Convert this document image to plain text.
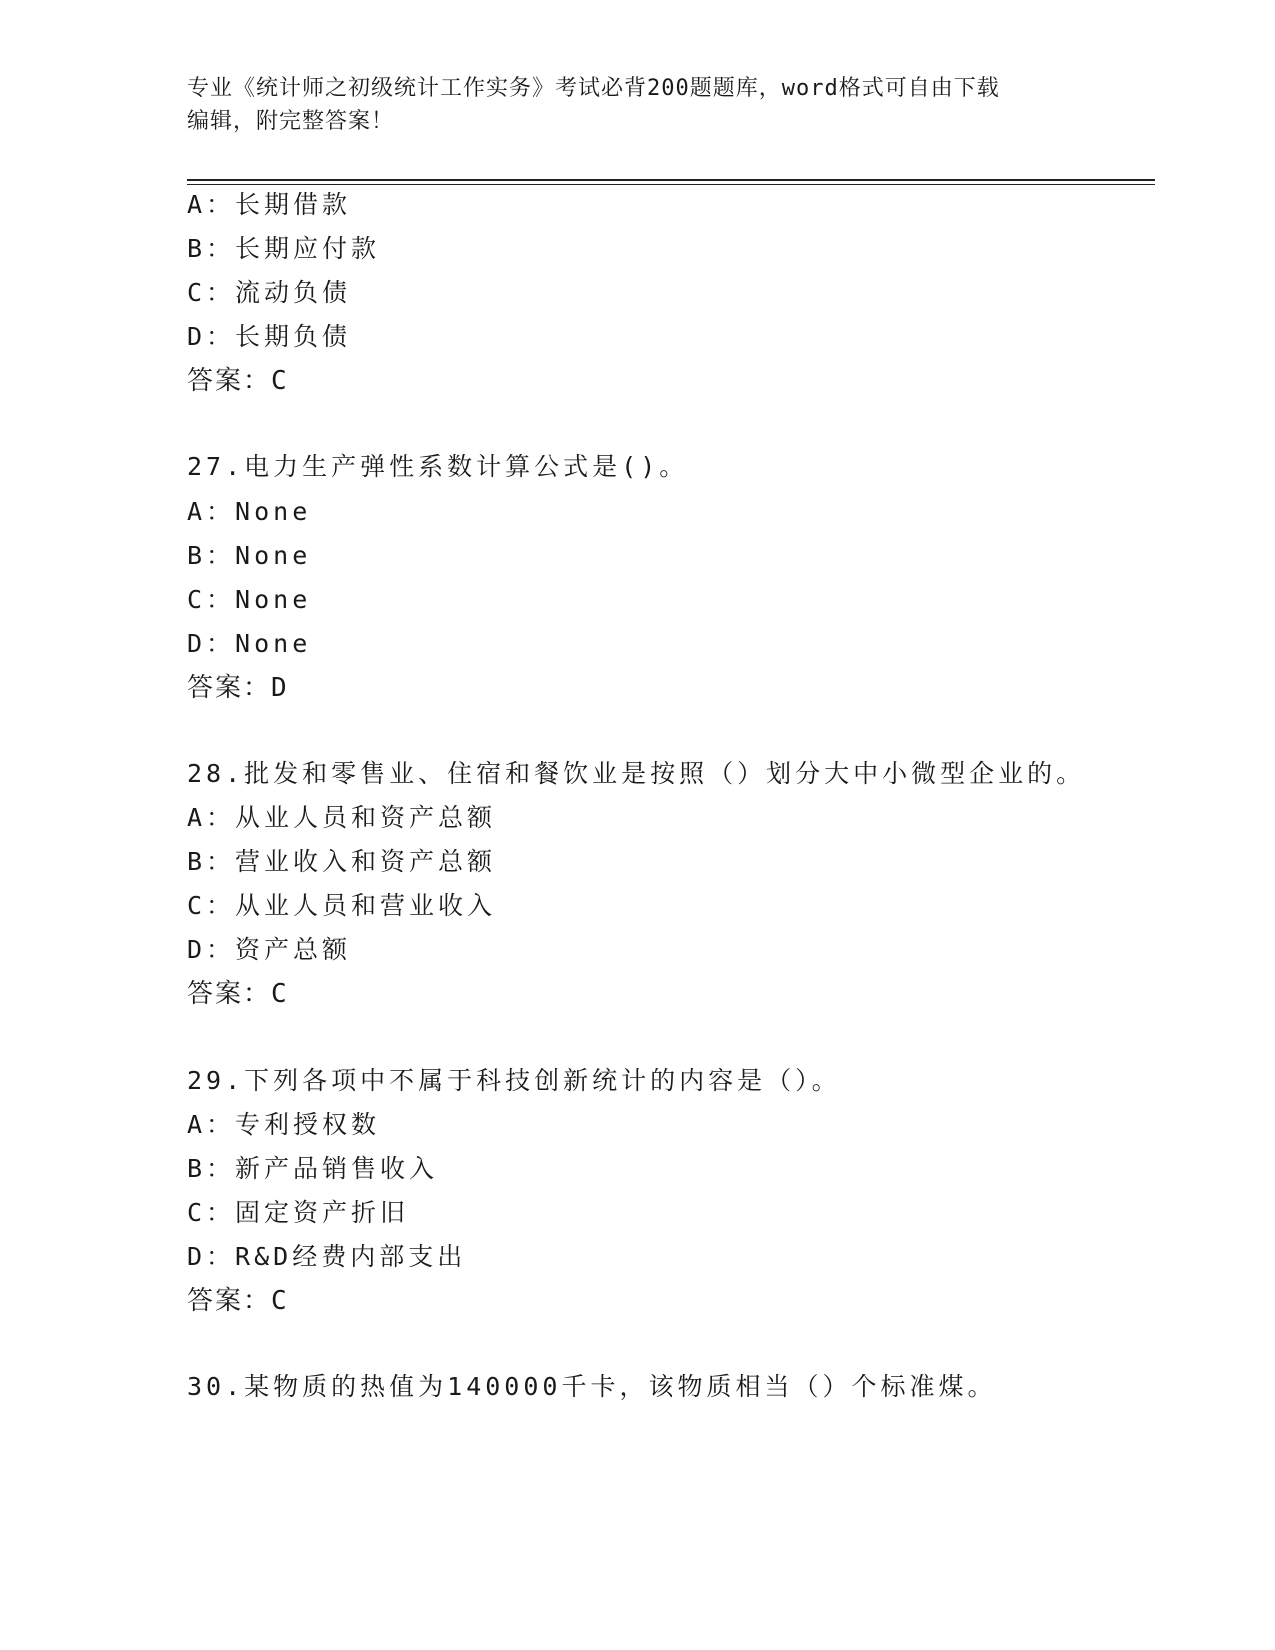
专业《统计师之初级统计工作实务》考试必背200题题库，word格式可自由下载
编辑，附完整答案！
A：长期借款
B：长期应付款
C：流动负债
D：长期负债
答案：C
27.电力生产弹性系数计算公式是()。
A：None
B：None
C：None
D：None
答案：D
28.批发和零售业、住宿和餐饮业是按照（）划分大中小微型企业的。
A：从业人员和资产总额
B：营业收入和资产总额
C：从业人员和营业收入
D：资产总额
答案：C
29.下列各项中不属于科技创新统计的内容是（）。
A：专利授权数
B：新产品销售收入
C：固定资产折旧
D：R&D经费内部支出
答案：C
30.某物质的热值为140000千卡，该物质相当（）个标准煤。
